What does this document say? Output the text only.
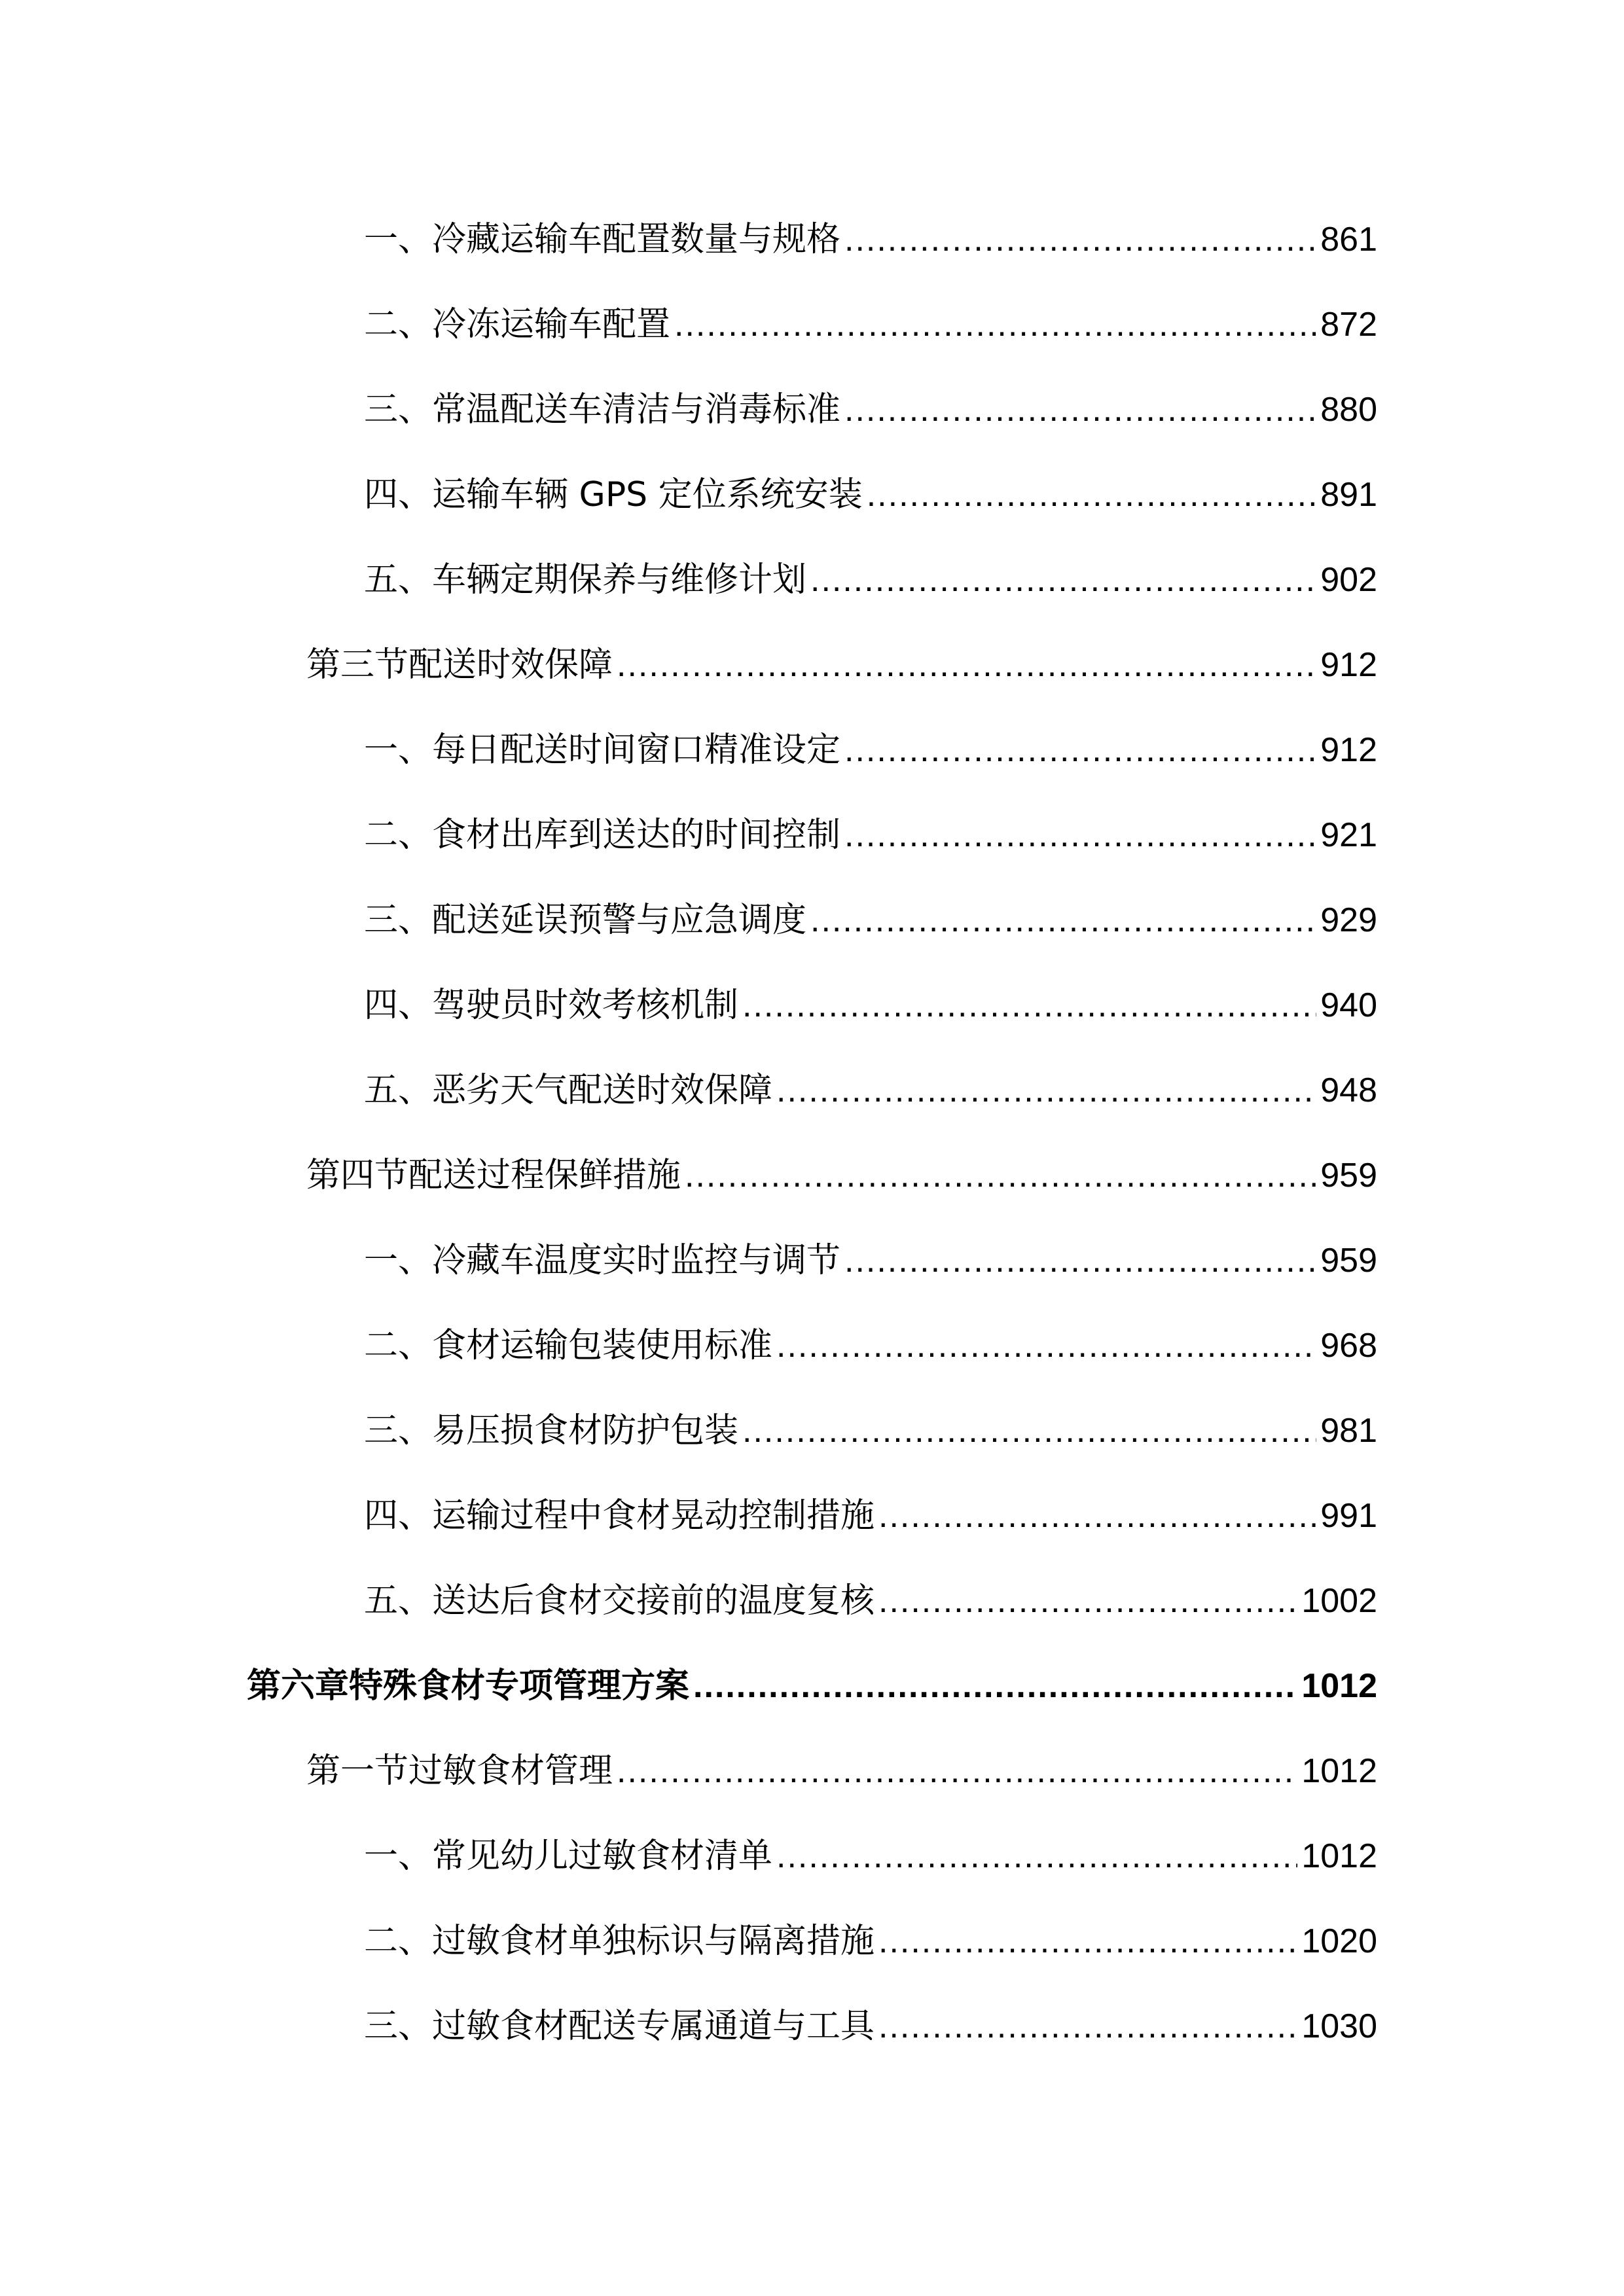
一、冷藏运输车配置数量与规格 .....	861
二、冷冻运输车配置 .....	872
三、常温配送车清洁与消毒标准 .....	880
四、运输车辆 GPS 定位系统安装 .....	891
五、车辆定期保养与维修计划 .....	902
第三节配送时效保障 .....	912
一、每日配送时间窗口精准设定 .....	912
二、食材出库到送达的时间控制 .....	921
三、配送延误预警与应急调度 .....	929
四、驾驶员时效考核机制 .....	940
五、恶劣天气配送时效保障 .....	948
第四节配送过程保鲜措施 .....	959
一、冷藏车温度实时监控与调节 .....	959
二、食材运输包装使用标准 .....	968
三、易压损食材防护包装 .....	981
四、运输过程中食材晃动控制措施 .....	991
五、送达后食材交接前的温度复核 .....	1002
第六章特殊食材专项管理方案 .....	1012
第一节过敏食材管理 .....	1012
一、常见幼儿过敏食材清单 .....	1012
二、过敏食材单独标识与隔离措施 .....	1020
三、过敏食材配送专属通道与工具 .....	1030
